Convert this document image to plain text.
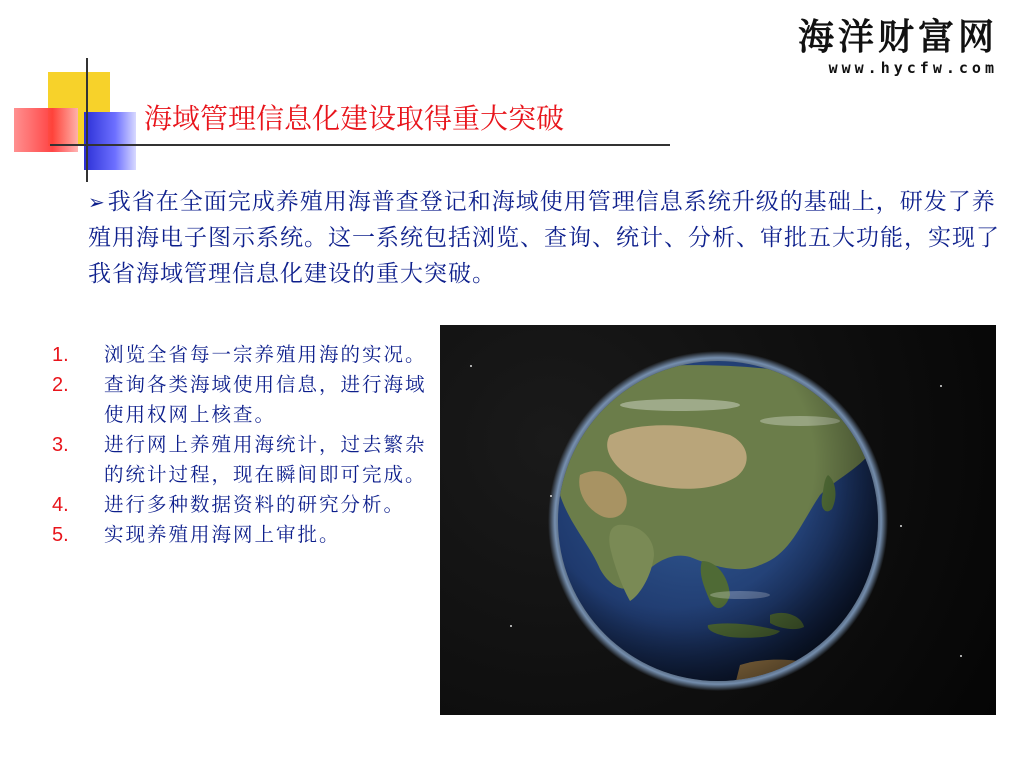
海洋财富网
www.hycfw.com
海域管理信息化建设取得重大突破
➢我省在全面完成养殖用海普查登记和海域使用管理信息系统升级的基础上，研发了养殖用海电子图示系统。这一系统包括浏览、查询、统计、分析、审批五大功能，实现了我省海域管理信息化建设的重大突破。
1.	浏览全省每一宗养殖用海的实况。
2.	查询各类海域使用信息，进行海域使用权网上核查。
3.	进行网上养殖用海统计，过去繁杂的统计过程，现在瞬间即可完成。
4.	进行多种数据资料的研究分析。
5.	实现养殖用海网上审批。
